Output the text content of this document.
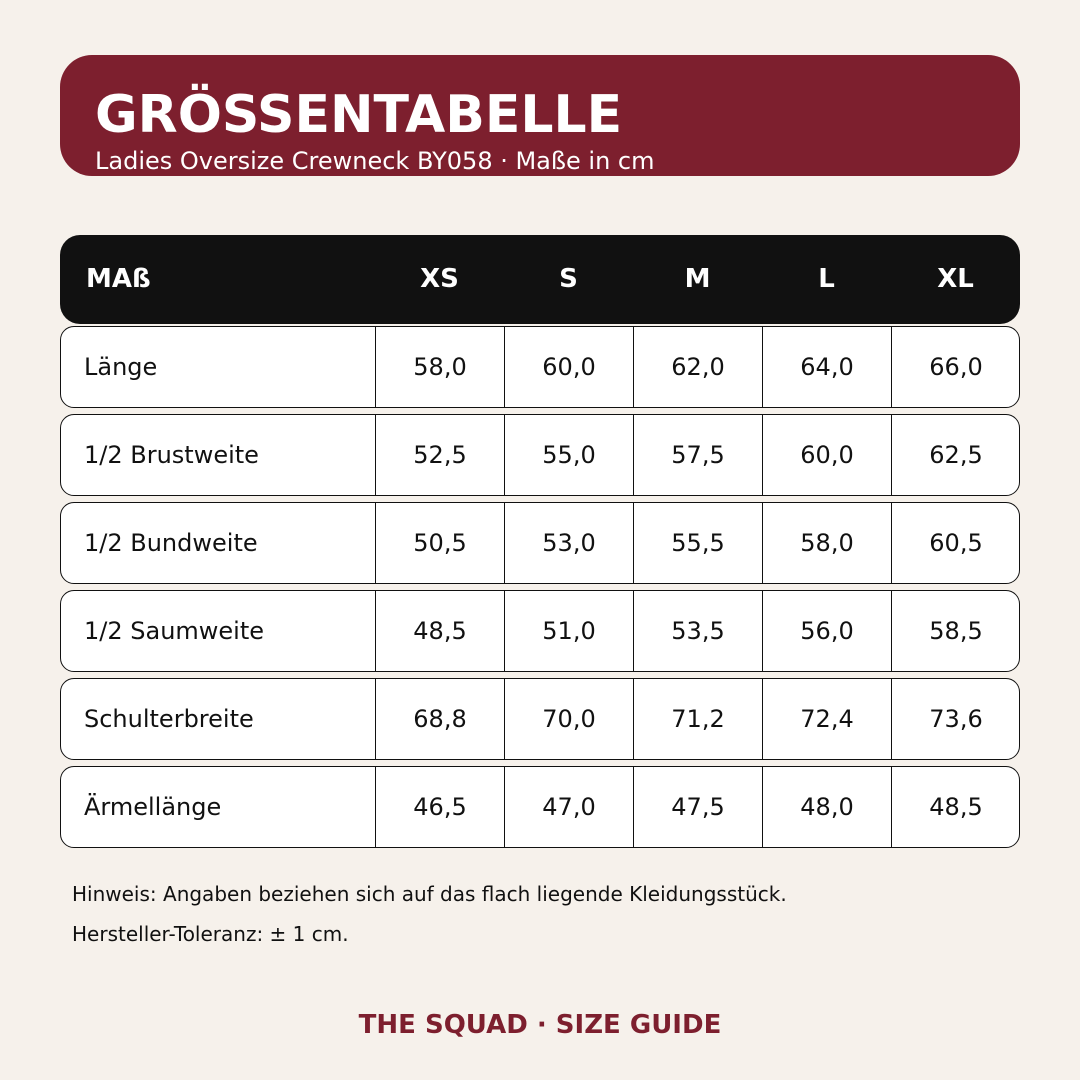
GRÖSSENTABELLE
Ladies Oversize Crewneck BY058 · Maße in cm
MAß	XS	S	M	L	XL
Länge	58,0	60,0	62,0	64,0	66,0
1/2 Brustweite	52,5	55,0	57,5	60,0	62,5
1/2 Bundweite	50,5	53,0	55,5	58,0	60,5
1/2 Saumweite	48,5	51,0	53,5	56,0	58,5
Schulterbreite	68,8	70,0	71,2	72,4	73,6
Ärmellänge	46,5	47,0	47,5	48,0	48,5
Hinweis: Angaben beziehen sich auf das flach liegende Kleidungsstück.
Hersteller-Toleranz: ± 1 cm.
THE SQUAD · SIZE GUIDE
